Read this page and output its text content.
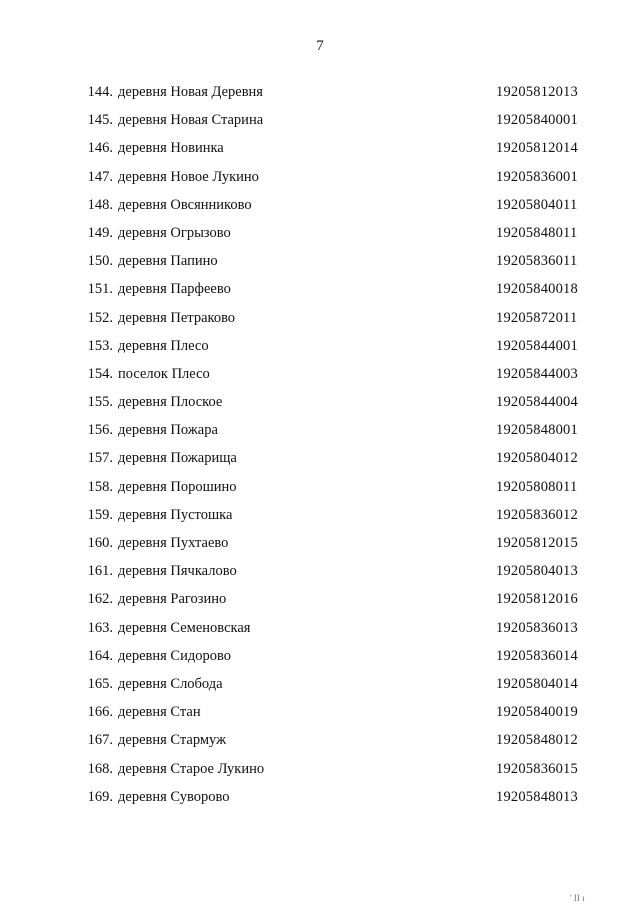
7
144. деревня Новая Деревня	19205812013
145. деревня Новая Старина	19205840001
146. деревня Новинка	19205812014
147. деревня Новое Лукино	19205836001
148. деревня Овсянниково	19205804011
149. деревня Огрызово	19205848011
150. деревня Папино	19205836011
151. деревня Парфеево	19205840018
152. деревня Петраково	19205872011
153. деревня Плесо	19205844001
154. поселок Плесо	19205844003
155. деревня Плоское	19205844004
156. деревня Пожара	19205848001
157. деревня Пожарища	19205804012
158. деревня Порошино	19205808011
159. деревня Пустошка	19205836012
160. деревня Пухтаево	19205812015
161. деревня Пячкалово	19205804013
162. деревня Рагозино	19205812016
163. деревня Семеновская	19205836013
164. деревня Сидорово	19205836014
165. деревня Слобода	19205804014
166. деревня Стан	19205840019
167. деревня Стармуж	19205848012
168. деревня Старое Лукино	19205836015
169. деревня Суворово	19205848013
' II ı
